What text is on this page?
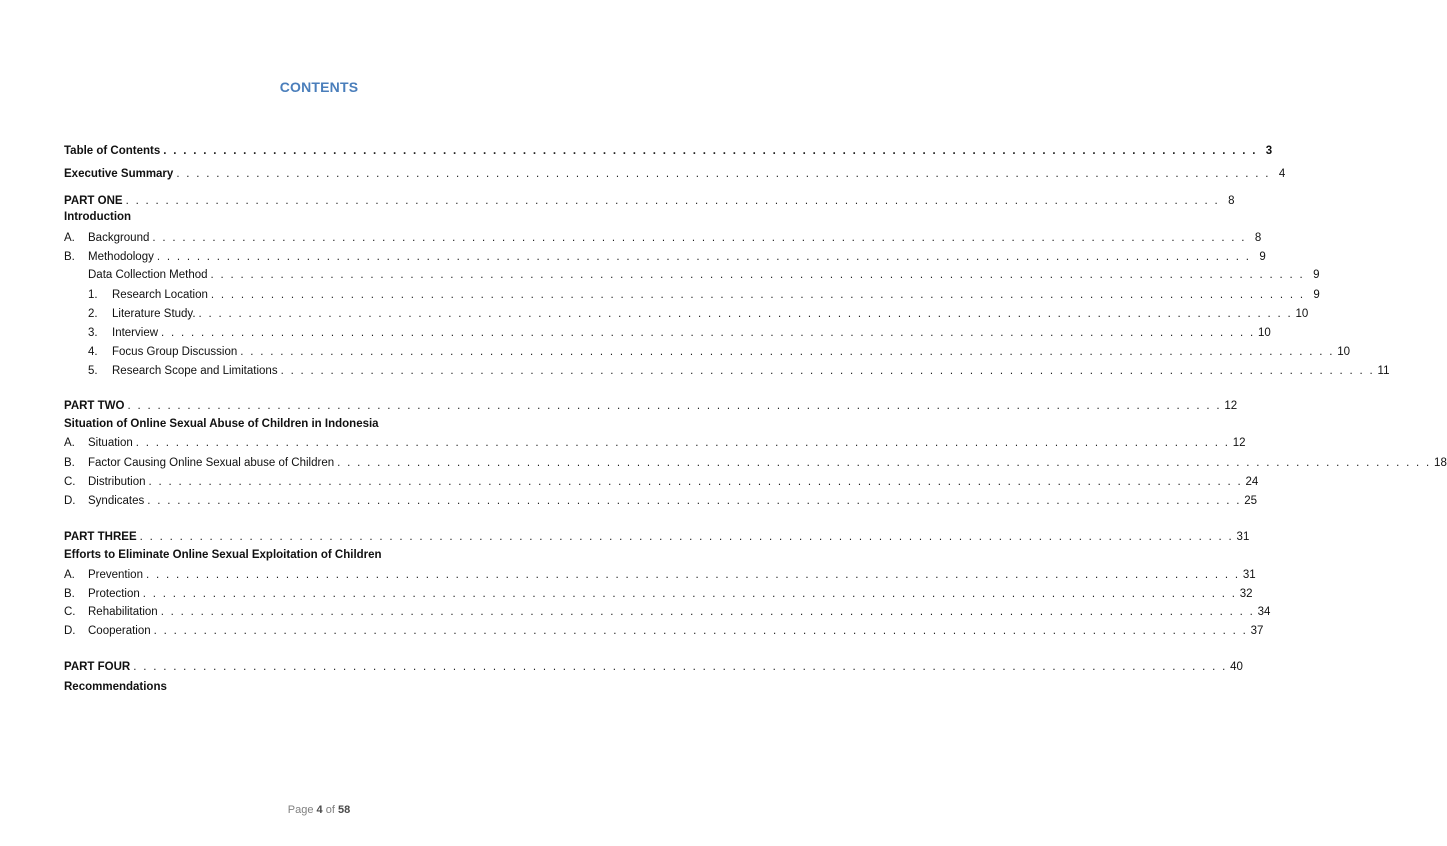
CONTENTS
Table of Contents . . . . . . . . . . . . . . . . . . . . . . . . . . . . . . . . . . . . . . . . . . . . . . . . . . . . . . . . . . . . . . . . . . . . . . . . . . . . . . . . . . . . . . . . . . . . . . . . . . . . . . . . . . . . . . 3
Executive Summary . . . . . . . . . . . . . . . . . . . . . . . . . . . . . . . . . . . . . . . . . . . . . . . . . . . . . . . . . . . . . . . . . . . . . . . . . . . . . . . . . . . . . . . . . . . . . . . . . . . . . . . . . . . . . . 4
PART ONE . . . . . . . . . . . . . . . . . . . . . . . . . . . . . . . . . . . . . . . . . . . . . . . . . . . . . . . . . . . . . . . . . . . . . . . . . . . . . . . . . . . . . . . . . . . . . . . . . . . . . . . . . . . . . . 8
Introduction
A.	Background . . . . . . . . . . . . . . . . . . . . . . . . . . . . . . . . . . . . . . . . . . . . . . . . . . . . . . . . . . . . . . . . . . . . . . . . . . . . . . . . . . . . . . . . . . . . . . . . . . . . . . . . . . . . . . 8
B.	Methodology . . . . . . . . . . . . . . . . . . . . . . . . . . . . . . . . . . . . . . . . . . . . . . . . . . . . . . . . . . . . . . . . . . . . . . . . . . . . . . . . . . . . . . . . . . . . . . . . . . . . . . . . . . . . . . 9
Data Collection Method . . . . . . . . . . . . . . . . . . . . . . . . . . . . . . . . . . . . . . . . . . . . . . . . . . . . . . . . . . . . . . . . . . . . . . . . . . . . . . . . . . . . . . . . . . . . . . . . . . . . . . . . . . . . . . 9
1.	Research Location . . . . . . . . . . . . . . . . . . . . . . . . . . . . . . . . . . . . . . . . . . . . . . . . . . . . . . . . . . . . . . . . . . . . . . . . . . . . . . . . . . . . . . . . . . . . . . . . . . . . . . . . . . . . . . 9
2.	Literature Study. . . . . . . . . . . . . . . . . . . . . . . . . . . . . . . . . . . . . . . . . . . . . . . . . . . . . . . . . . . . . . . . . . . . . . . . . . . . . . . . . . . . . . . . . . . . . . . . . . . . . . . . . . . . . . . 10
3.	Interview . . . . . . . . . . . . . . . . . . . . . . . . . . . . . . . . . . . . . . . . . . . . . . . . . . . . . . . . . . . . . . . . . . . . . . . . . . . . . . . . . . . . . . . . . . . . . . . . . . . . . . . . . . . . . . 10
4.	Focus Group Discussion . . . . . . . . . . . . . . . . . . . . . . . . . . . . . . . . . . . . . . . . . . . . . . . . . . . . . . . . . . . . . . . . . . . . . . . . . . . . . . . . . . . . . . . . . . . . . . . . . . . . . . . . . . . . . . 10
5.	Research Scope and Limitations . . . . . . . . . . . . . . . . . . . . . . . . . . . . . . . . . . . . . . . . . . . . . . . . . . . . . . . . . . . . . . . . . . . . . . . . . . . . . . . . . . . . . . . . . . . . . . . . . . . . . . . . . . . . . . 11
PART TWO . . . . . . . . . . . . . . . . . . . . . . . . . . . . . . . . . . . . . . . . . . . . . . . . . . . . . . . . . . . . . . . . . . . . . . . . . . . . . . . . . . . . . . . . . . . . . . . . . . . . . . . . . . . . . . 12
Situation of Online Sexual Abuse of Children in Indonesia
A.	Situation . . . . . . . . . . . . . . . . . . . . . . . . . . . . . . . . . . . . . . . . . . . . . . . . . . . . . . . . . . . . . . . . . . . . . . . . . . . . . . . . . . . . . . . . . . . . . . . . . . . . . . . . . . . . . . 12
B.	Factor Causing Online Sexual abuse of Children . . . . . . . . . . . . . . . . . . . . . . . . . . . . . . . . . . . . . . . . . . . . . . . . . . . . . . . . . . . . . . . . . . . . . . . . . . . . . . . . . . . . . . . . . . . . . . . . . . . . . . . . . . . . . . 18
C.	Distribution . . . . . . . . . . . . . . . . . . . . . . . . . . . . . . . . . . . . . . . . . . . . . . . . . . . . . . . . . . . . . . . . . . . . . . . . . . . . . . . . . . . . . . . . . . . . . . . . . . . . . . . . . . . . . . 24
D.	Syndicates . . . . . . . . . . . . . . . . . . . . . . . . . . . . . . . . . . . . . . . . . . . . . . . . . . . . . . . . . . . . . . . . . . . . . . . . . . . . . . . . . . . . . . . . . . . . . . . . . . . . . . . . . . . . . . 25
PART THREE . . . . . . . . . . . . . . . . . . . . . . . . . . . . . . . . . . . . . . . . . . . . . . . . . . . . . . . . . . . . . . . . . . . . . . . . . . . . . . . . . . . . . . . . . . . . . . . . . . . . . . . . . . . . . . 31
Efforts to Eliminate Online Sexual Exploitation of Children
A.	Prevention . . . . . . . . . . . . . . . . . . . . . . . . . . . . . . . . . . . . . . . . . . . . . . . . . . . . . . . . . . . . . . . . . . . . . . . . . . . . . . . . . . . . . . . . . . . . . . . . . . . . . . . . . . . . . . 31
B.	Protection . . . . . . . . . . . . . . . . . . . . . . . . . . . . . . . . . . . . . . . . . . . . . . . . . . . . . . . . . . . . . . . . . . . . . . . . . . . . . . . . . . . . . . . . . . . . . . . . . . . . . . . . . . . . . . 32
C.	Rehabilitation . . . . . . . . . . . . . . . . . . . . . . . . . . . . . . . . . . . . . . . . . . . . . . . . . . . . . . . . . . . . . . . . . . . . . . . . . . . . . . . . . . . . . . . . . . . . . . . . . . . . . . . . . . . . . . 34
D.	Cooperation . . . . . . . . . . . . . . . . . . . . . . . . . . . . . . . . . . . . . . . . . . . . . . . . . . . . . . . . . . . . . . . . . . . . . . . . . . . . . . . . . . . . . . . . . . . . . . . . . . . . . . . . . . . . . . 37
PART FOUR . . . . . . . . . . . . . . . . . . . . . . . . . . . . . . . . . . . . . . . . . . . . . . . . . . . . . . . . . . . . . . . . . . . . . . . . . . . . . . . . . . . . . . . . . . . . . . . . . . . . . . . . . . . . . . 40
Recommendations
Page 4 of 58
